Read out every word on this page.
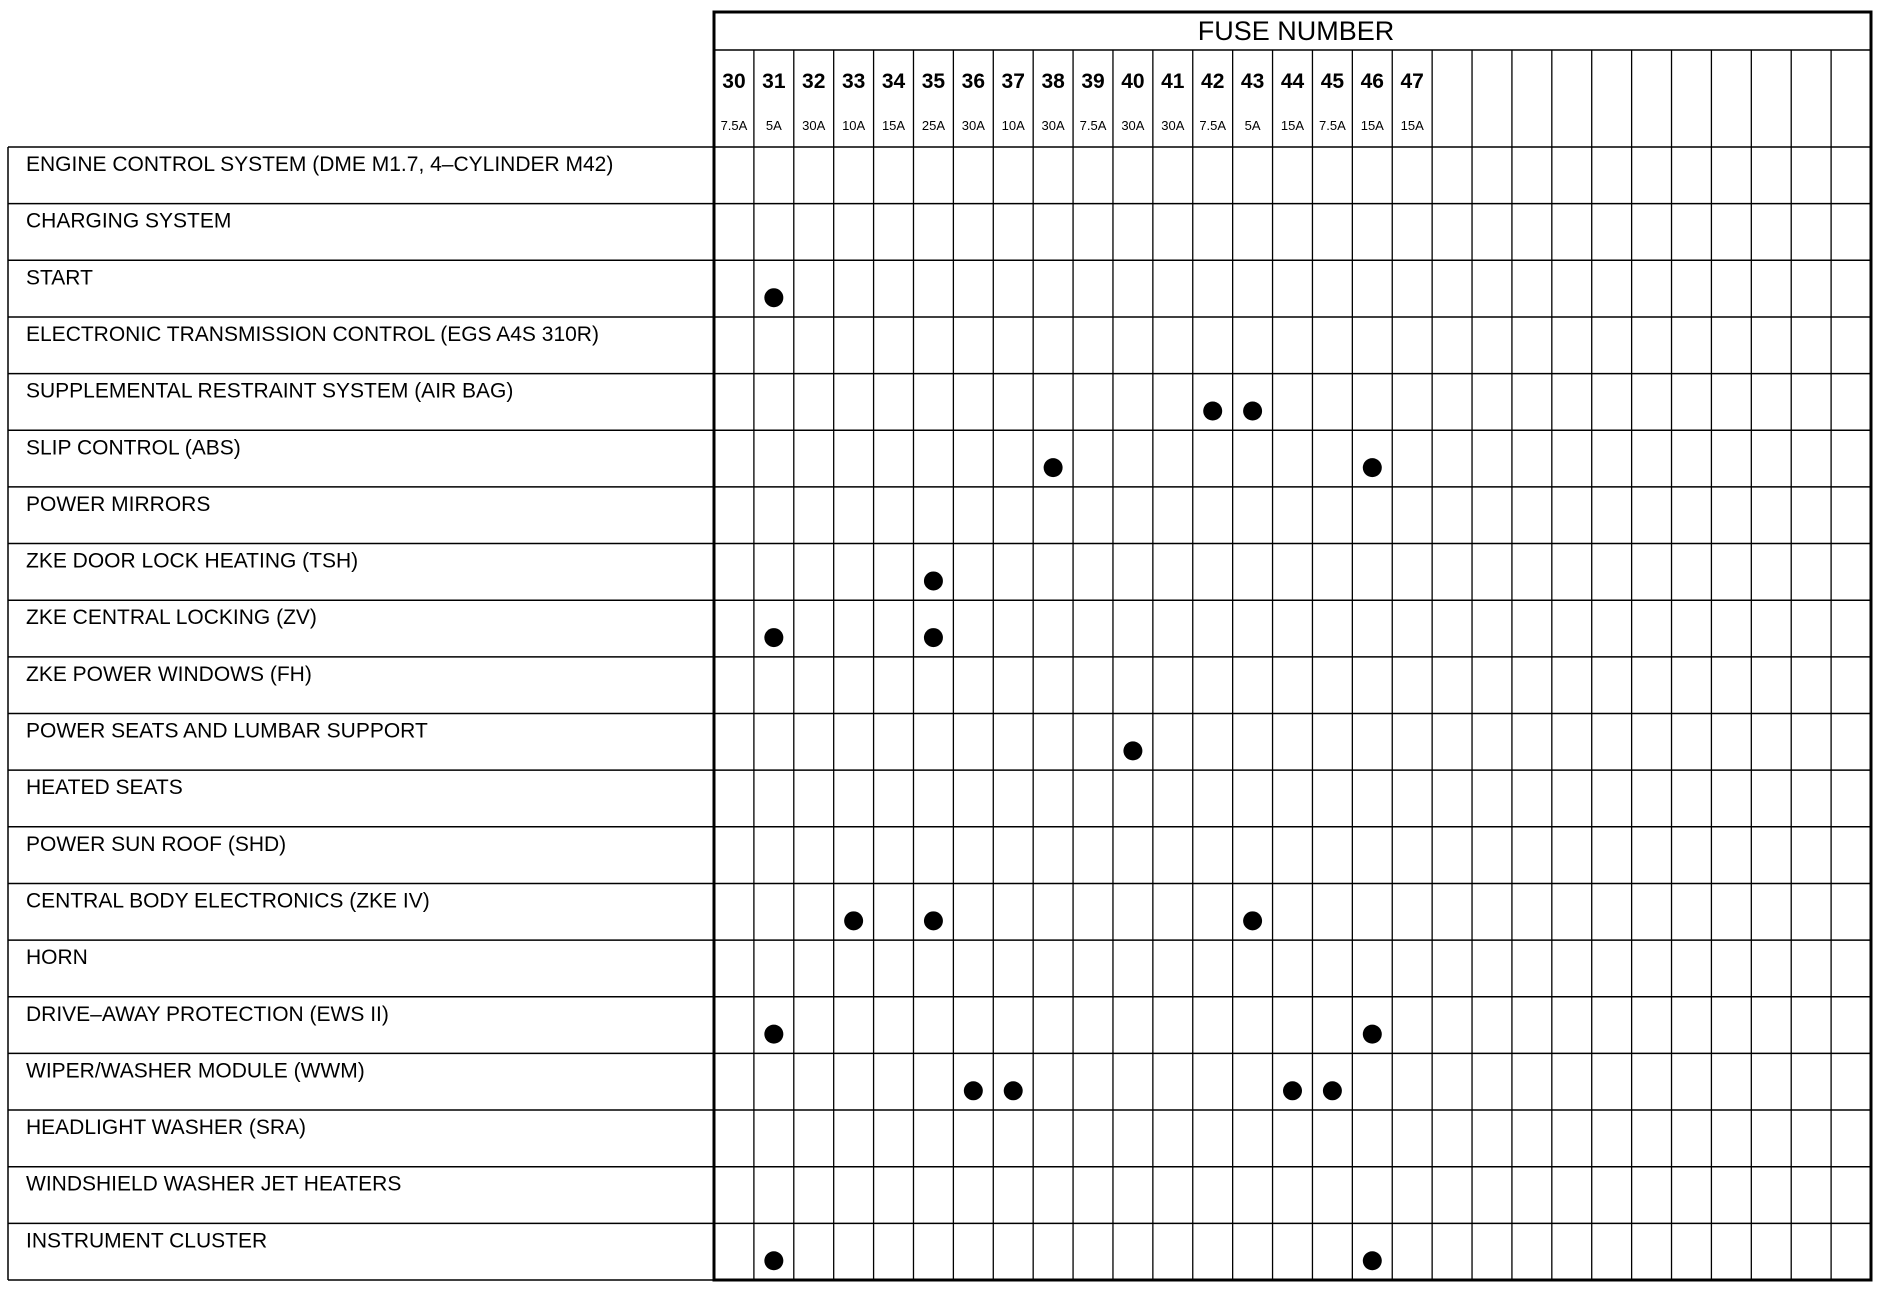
FUSE NUMBER
30
7.5A
31
5A
32
30A
33
10A
34
15A
35
25A
36
30A
37
10A
38
30A
39
7.5A
40
30A
41
30A
42
7.5A
43
5A
44
15A
45
7.5A
46
15A
47
15A
ENGINE CONTROL SYSTEM (DME M1.7, 4–CYLINDER M42)
CHARGING SYSTEM
START
ELECTRONIC TRANSMISSION CONTROL (EGS A4S 310R)
SUPPLEMENTAL RESTRAINT SYSTEM (AIR BAG)
SLIP CONTROL (ABS)
POWER MIRRORS
ZKE DOOR LOCK HEATING (TSH)
ZKE CENTRAL LOCKING (ZV)
ZKE POWER WINDOWS (FH)
POWER SEATS AND LUMBAR SUPPORT
HEATED SEATS
POWER SUN ROOF (SHD)
CENTRAL BODY ELECTRONICS (ZKE IV)
HORN
DRIVE–AWAY PROTECTION (EWS II)
WIPER/WASHER MODULE (WWM)
HEADLIGHT WASHER (SRA)
WINDSHIELD WASHER JET HEATERS
INSTRUMENT CLUSTER
